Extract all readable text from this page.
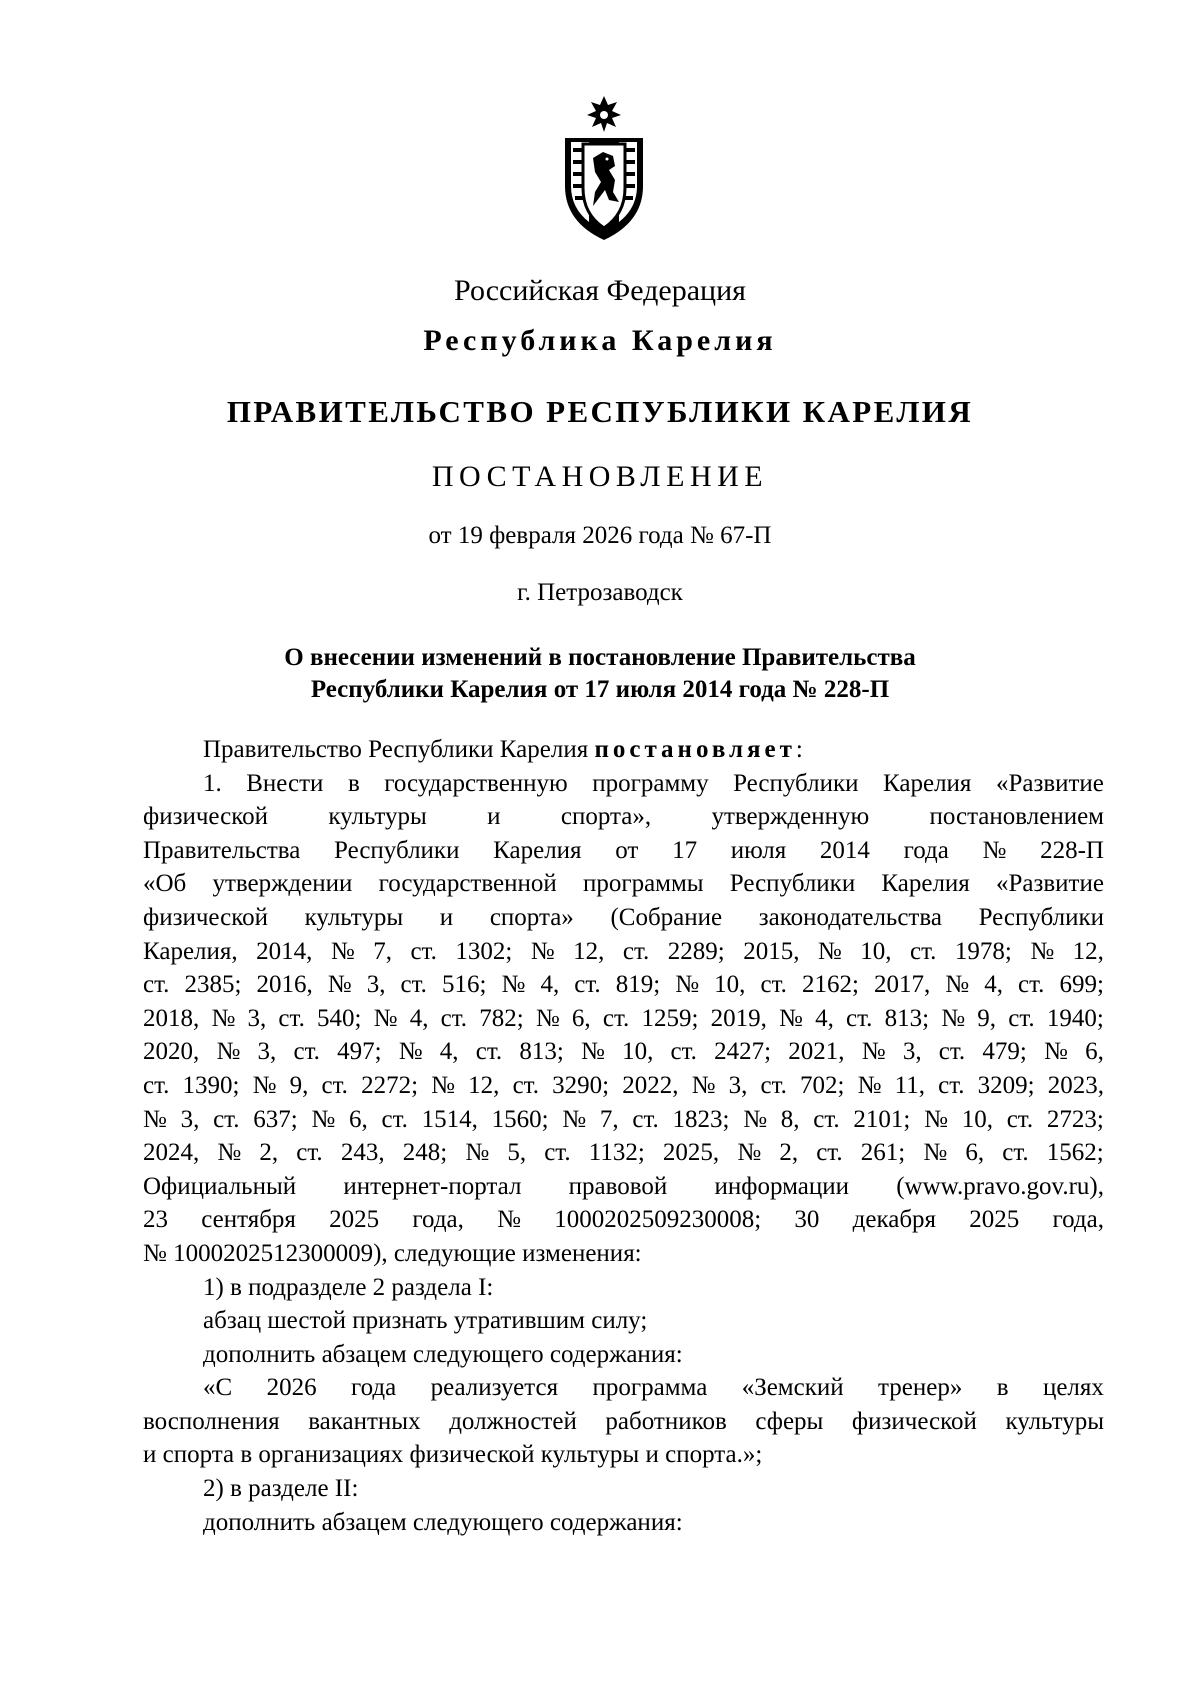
Российская Федерация
Республика Карелия
ПРАВИТЕЛЬСТВО РЕСПУБЛИКИ КАРЕЛИЯ
ПОСТАНОВЛЕНИЕ
от 19 февраля 2026 года № 67-П
г. Петрозаводск
О внесении изменений в постановление Правительства
Республики Карелия от 17 июля 2014 года № 228-П
Правительство Республики Карелия постановляет:
1. Внести в государственную программу Республики Карелия «Развитие
физической культуры и спорта», утвержденную постановлением
Правительства Республики Карелия от 17 июля 2014 года № 228-П
«Об утверждении государственной программы Республики Карелия «Развитие
физической культуры и спорта» (Собрание законодательства Республики
Карелия, 2014, № 7, ст. 1302; № 12, ст. 2289; 2015, № 10, ст. 1978; № 12,
ст. 2385; 2016, № 3, ст. 516; № 4, ст. 819; № 10, ст. 2162; 2017, № 4, ст. 699;
2018, № 3, ст. 540; № 4, ст. 782; № 6, ст. 1259; 2019, № 4, ст. 813; № 9, ст. 1940;
2020, № 3, ст. 497; № 4, ст. 813; № 10, ст. 2427; 2021, № 3, ст. 479; № 6,
ст. 1390; № 9, ст. 2272; № 12, ст. 3290; 2022, № 3, ст. 702; № 11, ст. 3209; 2023,
№ 3, ст. 637; № 6, ст. 1514, 1560; № 7, ст. 1823; № 8, ст. 2101; № 10, ст. 2723;
2024, № 2, ст. 243, 248; № 5, ст. 1132; 2025, № 2, ст. 261; № 6, ст. 1562;
Официальный интернет-портал правовой информации (www.pravo.gov.ru),
23 сентября 2025 года, № 1000202509230008; 30 декабря 2025 года,
№ 1000202512300009), следующие изменения:
1) в подразделе 2 раздела I:
абзац шестой признать утратившим силу;
дополнить абзацем следующего содержания:
«С 2026 года реализуется программа «Земский тренер» в целях
восполнения вакантных должностей работников сферы физической культуры
и спорта в организациях физической культуры и спорта.»;
2) в разделе II:
дополнить абзацем следующего содержания:
